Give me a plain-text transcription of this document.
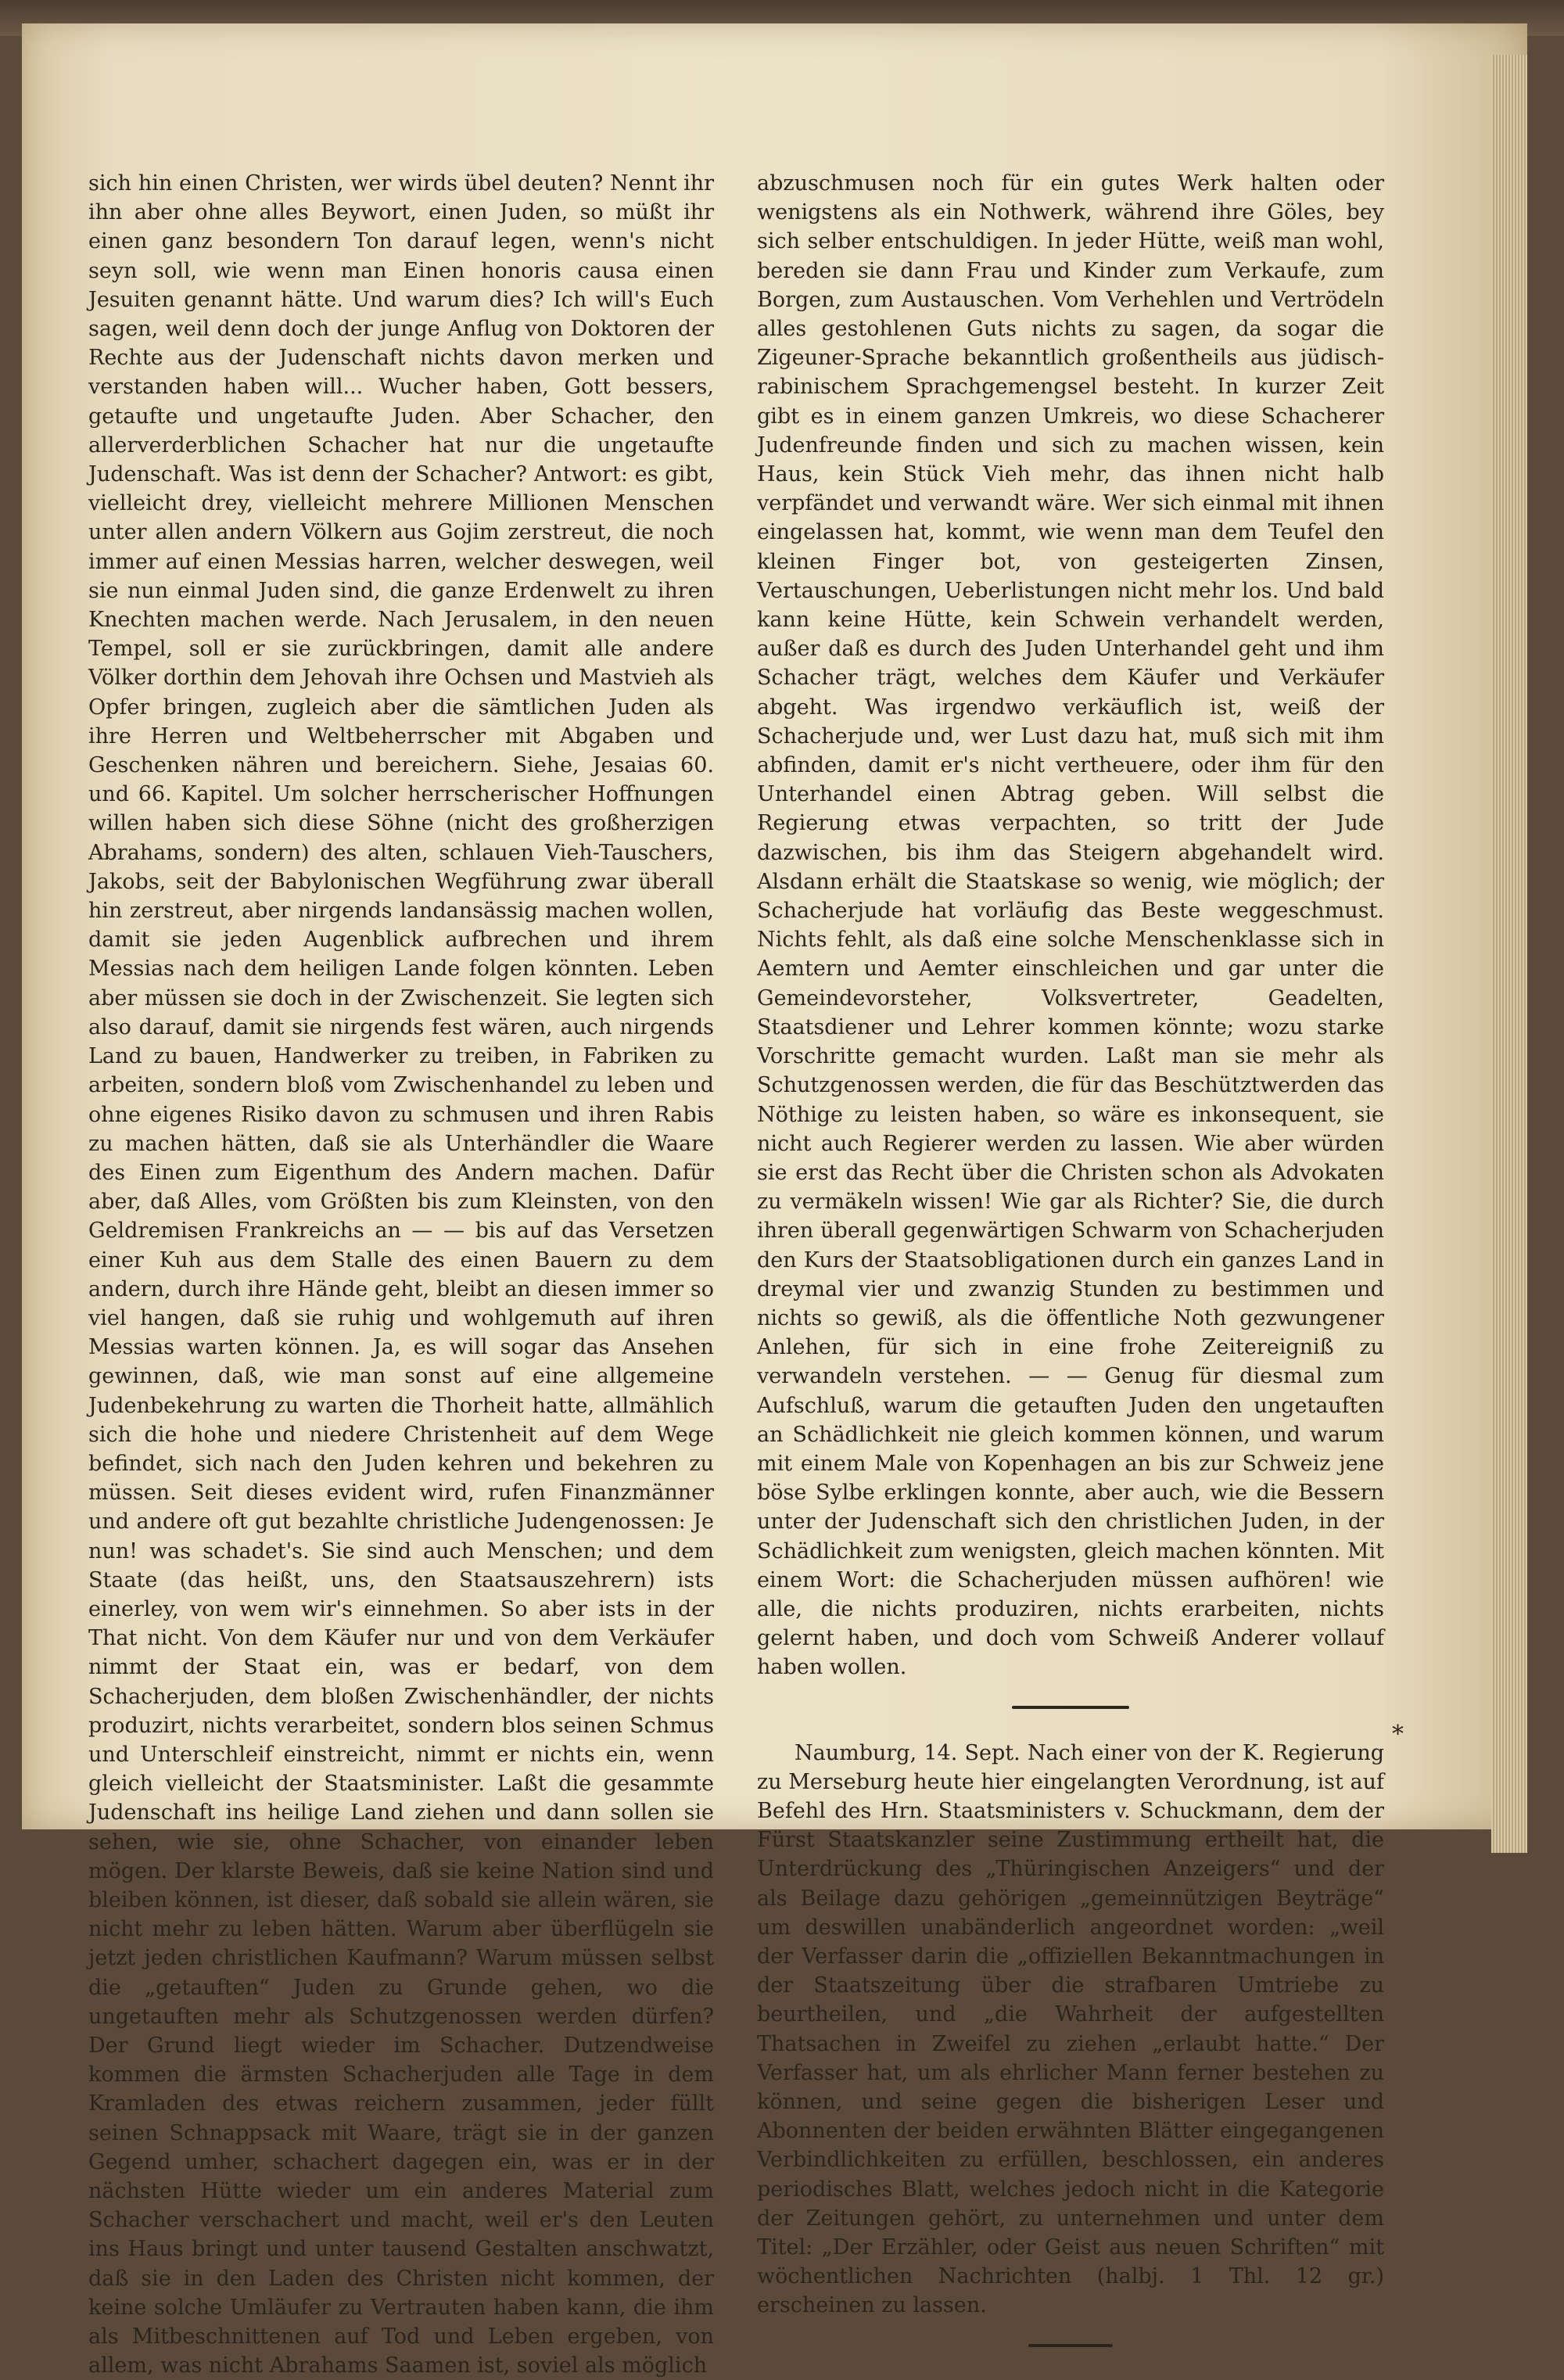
sich hin einen Christen, wer wirds übel deuten? Nennt ihr ihn aber ohne alles Beywort, einen Juden, so müßt ihr einen ganz besondern Ton darauf legen, wenn's nicht seyn soll, wie wenn man Einen honoris causa einen Jesuiten genannt hätte. Und warum dies? Ich will's Euch sagen, weil denn doch der junge Anflug von Doktoren der Rechte aus der Judenschaft nichts davon merken und verstanden haben will... Wucher haben, Gott bessers, getaufte und ungetaufte Juden. Aber Schacher, den allerverderblichen Schacher hat nur die ungetaufte Judenschaft. Was ist denn der Schacher? Antwort: es gibt, vielleicht drey, vielleicht mehrere Millionen Menschen unter allen andern Völkern aus Gojim zerstreut, die noch immer auf einen Messias harren, welcher deswegen, weil sie nun einmal Juden sind, die ganze Erdenwelt zu ihren Knechten machen werde. Nach Jerusalem, in den neuen Tempel, soll er sie zurückbringen, damit alle andere Völker dorthin dem Jehovah ihre Ochsen und Mastvieh als Opfer bringen, zugleich aber die sämtlichen Juden als ihre Herren und Weltbeherrscher mit Abgaben und Geschenken nähren und bereichern. Siehe, Jesaias 60. und 66. Kapitel. Um solcher herrscherischer Hoffnungen willen haben sich diese Söhne (nicht des großherzigen Abrahams, sondern) des alten, schlauen Vieh-Tauschers, Jakobs, seit der Babylonischen Wegführung zwar überall hin zerstreut, aber nirgends landansässig machen wollen, damit sie jeden Augenblick aufbrechen und ihrem Messias nach dem heiligen Lande folgen könnten. Leben aber müssen sie doch in der Zwischenzeit. Sie legten sich also darauf, damit sie nirgends fest wären, auch nirgends Land zu bauen, Handwerker zu treiben, in Fabriken zu arbeiten, sondern bloß vom Zwischenhandel zu leben und ohne eigenes Risiko davon zu schmusen und ihren Rabis zu machen hätten, daß sie als Unterhändler die Waare des Einen zum Eigenthum des Andern machen. Dafür aber, daß Alles, vom Größten bis zum Kleinsten, von den Geldremisen Frankreichs an — — bis auf das Versetzen einer Kuh aus dem Stalle des einen Bauern zu dem andern, durch ihre Hände geht, bleibt an diesen immer so viel hangen, daß sie ruhig und wohlgemuth auf ihren Messias warten können. Ja, es will sogar das Ansehen gewinnen, daß, wie man sonst auf eine allgemeine Judenbekehrung zu warten die Thorheit hatte, allmählich sich die hohe und niedere Christenheit auf dem Wege befindet, sich nach den Juden kehren und bekehren zu müssen. Seit dieses evident wird, rufen Finanzmänner und andere oft gut bezahlte christliche Judengenossen: Je nun! was schadet's. Sie sind auch Menschen; und dem Staate (das heißt, uns, den Staatsauszehrern) ists einerley, von wem wir's einnehmen. So aber ists in der That nicht. Von dem Käufer nur und von dem Verkäufer nimmt der Staat ein, was er bedarf, von dem Schacherjuden, dem bloßen Zwischenhändler, der nichts produzirt, nichts verarbeitet, sondern blos seinen Schmus und Unterschleif einstreicht, nimmt er nichts ein, wenn gleich vielleicht der Staatsminister. Laßt die gesammte Judenschaft ins heilige Land ziehen und dann sollen sie sehen, wie sie, ohne Schacher, von einander leben mögen. Der klarste Beweis, daß sie keine Nation sind und bleiben können, ist dieser, daß sobald sie allein wären, sie nicht mehr zu leben hätten. Warum aber überflügeln sie jetzt jeden christlichen Kaufmann? Warum müssen selbst die „getauften“ Juden zu Grunde gehen, wo die ungetauften mehr als Schutzgenossen werden dürfen? Der Grund liegt wieder im Schacher. Dutzendweise kommen die ärmsten Schacherjuden alle Tage in dem Kramladen des etwas reichern zusammen, jeder füllt seinen Schnappsack mit Waare, trägt sie in der ganzen Gegend umher, schachert dagegen ein, was er in der nächsten Hütte wieder um ein anderes Material zum Schacher verschachert und macht, weil er's den Leuten ins Haus bringt und unter tausend Gestalten anschwatzt, daß sie in den Laden des Christen nicht kommen, der keine solche Umläufer zu Vertrauten haben kann, die ihm als Mitbeschnittenen auf Tod und Leben ergeben, von allem, was nicht Abrahams Saamen ist, soviel als möglich

abzuschmusen noch für ein gutes Werk halten oder wenigstens als ein Nothwerk, während ihre Göles, bey sich selber entschuldigen. In jeder Hütte, weiß man wohl, bereden sie dann Frau und Kinder zum Verkaufe, zum Borgen, zum Austauschen. Vom Verhehlen und Vertrödeln alles gestohlenen Guts nichts zu sagen, da sogar die Zigeuner-Sprache bekanntlich großentheils aus jüdisch-rabinischem Sprachgemengsel besteht. In kurzer Zeit gibt es in einem ganzen Umkreis, wo diese Schacherer Judenfreunde finden und sich zu machen wissen, kein Haus, kein Stück Vieh mehr, das ihnen nicht halb verpfändet und verwandt wäre. Wer sich einmal mit ihnen eingelassen hat, kommt, wie wenn man dem Teufel den kleinen Finger bot, von gesteigerten Zinsen, Vertauschungen, Ueberlistungen nicht mehr los. Und bald kann keine Hütte, kein Schwein verhandelt werden, außer daß es durch des Juden Unterhandel geht und ihm Schacher trägt, welches dem Käufer und Verkäufer abgeht. Was irgendwo verkäuflich ist, weiß der Schacherjude und, wer Lust dazu hat, muß sich mit ihm abfinden, damit er's nicht vertheuere, oder ihm für den Unterhandel einen Abtrag geben. Will selbst die Regierung etwas verpachten, so tritt der Jude dazwischen, bis ihm das Steigern abgehandelt wird. Alsdann erhält die Staatskase so wenig, wie möglich; der Schacherjude hat vorläufig das Beste weggeschmust. Nichts fehlt, als daß eine solche Menschenklasse sich in Aemtern und Aemter einschleichen und gar unter die Gemeindevorsteher, Volksvertreter, Geadelten, Staatsdiener und Lehrer kommen könnte; wozu starke Vorschritte gemacht wurden. Laßt man sie mehr als Schutzgenossen werden, die für das Beschütztwerden das Nöthige zu leisten haben, so wäre es inkonsequent, sie nicht auch Regierer werden zu lassen. Wie aber würden sie erst das Recht über die Christen schon als Advokaten zu vermäkeln wissen! Wie gar als Richter? Sie, die durch ihren überall gegenwärtigen Schwarm von Schacherjuden den Kurs der Staatsobligationen durch ein ganzes Land in dreymal vier und zwanzig Stunden zu bestimmen und nichts so gewiß, als die öffentliche Noth gezwungener Anlehen, für sich in eine frohe Zeitereigniß zu verwandeln verstehen. — — Genug für diesmal zum Aufschluß, warum die getauften Juden den ungetauften an Schädlichkeit nie gleich kommen können, und warum mit einem Male von Kopenhagen an bis zur Schweiz jene böse Sylbe erklingen konnte, aber auch, wie die Bessern unter der Judenschaft sich den christlichen Juden, in der Schädlichkeit zum wenigsten, gleich machen könnten. Mit einem Wort: die Schacherjuden müssen aufhören! wie alle, die nichts produziren, nichts erarbeiten, nichts gelernt haben, und doch vom Schweiß Anderer vollauf haben wollen.

Naumburg, 14. Sept. Nach einer von der K. Regierung zu Merseburg heute hier eingelangten Verordnung, ist auf Befehl des Hrn. Staatsministers v. Schuckmann, dem der Fürst Staatskanzler seine Zustimmung ertheilt hat, die Unterdrückung des „Thüringischen Anzeigers“ und der als Beilage dazu gehörigen „gemeinnützigen Beyträge“ um deswillen unabänderlich angeordnet worden: „weil der Verfasser darin die „offiziellen Bekanntmachungen in der Staatszeitung über die strafbaren Umtriebe zu beurtheilen, und „die Wahrheit der aufgestellten Thatsachen in Zweifel zu ziehen „erlaubt hatte.“ Der Verfasser hat, um als ehrlicher Mann ferner bestehen zu können, und seine gegen die bisherigen Leser und Abonnenten der beiden erwähnten Blätter eingegangenen Verbindlichkeiten zu erfüllen, beschlossen, ein anderes periodisches Blatt, welches jedoch nicht in die Kategorie der Zeitungen gehört, zu unternehmen und unter dem Titel: „Der Erzähler, oder Geist aus neuen Schriften“ mit wöchentlichen Nachrichten (halbj. 1 Thl. 12 gr.) erscheinen zu lassen.

*
